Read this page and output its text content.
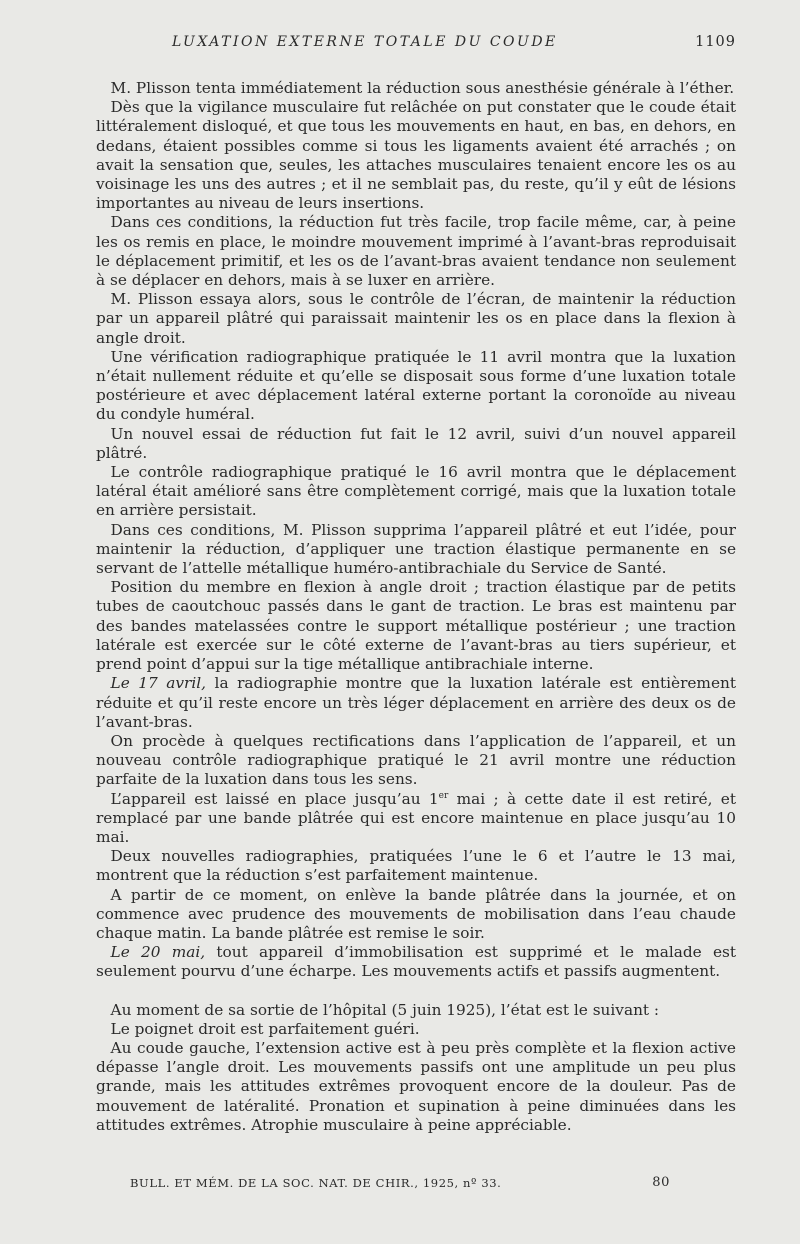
LUXATION EXTERNE TOTALE DU COUDE	1109

M. Plisson tenta immédiatement la réduction sous anesthésie générale à l’éther.

Dès que la vigilance musculaire fut relâchée on put constater que le coude était littéralement disloqué, et que tous les mouvements en haut, en bas, en dehors, en dedans, étaient possibles comme si tous les ligaments avaient été arrachés ; on avait la sensation que, seules, les attaches musculaires tenaient encore les os au voisinage les uns des autres ; et il ne semblait pas, du reste, qu’il y eût de lésions importantes au niveau de leurs insertions.

Dans ces conditions, la réduction fut très facile, trop facile même, car, à peine les os remis en place, le moindre mouvement imprimé à l’avant-bras reproduisait le déplacement primitif, et les os de l’avant-bras avaient tendance non seulement à se déplacer en dehors, mais à se luxer en arrière.

M. Plisson essaya alors, sous le contrôle de l’écran, de maintenir la réduction par un appareil plâtré qui paraissait maintenir les os en place dans la flexion à angle droit.

Une vérification radiographique pratiquée le 11 avril montra que la luxation n’était nullement réduite et qu’elle se disposait sous forme d’une luxation totale postérieure et avec déplacement latéral externe portant la coronoïde au niveau du condyle huméral.

Un nouvel essai de réduction fut fait le 12 avril, suivi d’un nouvel appareil plâtré.

Le contrôle radiographique pratiqué le 16 avril montra que le déplacement latéral était amélioré sans être complètement corrigé, mais que la luxation totale en arrière persistait.

Dans ces conditions, M. Plisson supprima l’appareil plâtré et eut l’idée, pour maintenir la réduction, d’appliquer une traction élastique permanente en se servant de l’attelle métallique huméro-antibrachiale du Service de Santé.

Position du membre en flexion à angle droit ; traction élastique par de petits tubes de caoutchouc passés dans le gant de traction. Le bras est maintenu par des bandes matelassées contre le support métallique postérieur ; une traction latérale est exercée sur le côté externe de l’avant-bras au tiers supérieur, et prend point d’appui sur la tige métallique antibrachiale interne.

Le 17 avril, la radiographie montre que la luxation latérale est entièrement réduite et qu’il reste encore un très léger déplacement en arrière des deux os de l’avant-bras.

On procède à quelques rectifications dans l’application de l’appareil, et un nouveau contrôle radiographique pratiqué le 21 avril montre une réduction parfaite de la luxation dans tous les sens.

L’appareil est laissé en place jusqu’au 1er mai ; à cette date il est retiré, et remplacé par une bande plâtrée qui est encore maintenue en place jusqu’au 10 mai.

Deux nouvelles radiographies, pratiquées l’une le 6 et l’autre le 13 mai, montrent que la réduction s’est parfaitement maintenue.

A partir de ce moment, on enlève la bande plâtrée dans la journée, et on commence avec prudence des mouvements de mobilisation dans l’eau chaude chaque matin. La bande plâtrée est remise le soir.

Le 20 mai, tout appareil d’immobilisation est supprimé et le malade est seulement pourvu d’une écharpe. Les mouvements actifs et passifs augmentent.

Au moment de sa sortie de l’hôpital (5 juin 1925), l’état est le suivant :

Le poignet droit est parfaitement guéri.

Au coude gauche, l’extension active est à peu près complète et la flexion active dépasse l’angle droit. Les mouvements passifs ont une amplitude un peu plus grande, mais les attitudes extrêmes provoquent encore de la douleur. Pas de mouvement de latéralité. Pronation et supination à peine diminuées dans les attitudes extrêmes. Atrophie musculaire à peine appréciable.

BULL. ET MÉM. DE LA SOC. NAT. DE CHIR., 1925, nº 33.	80
